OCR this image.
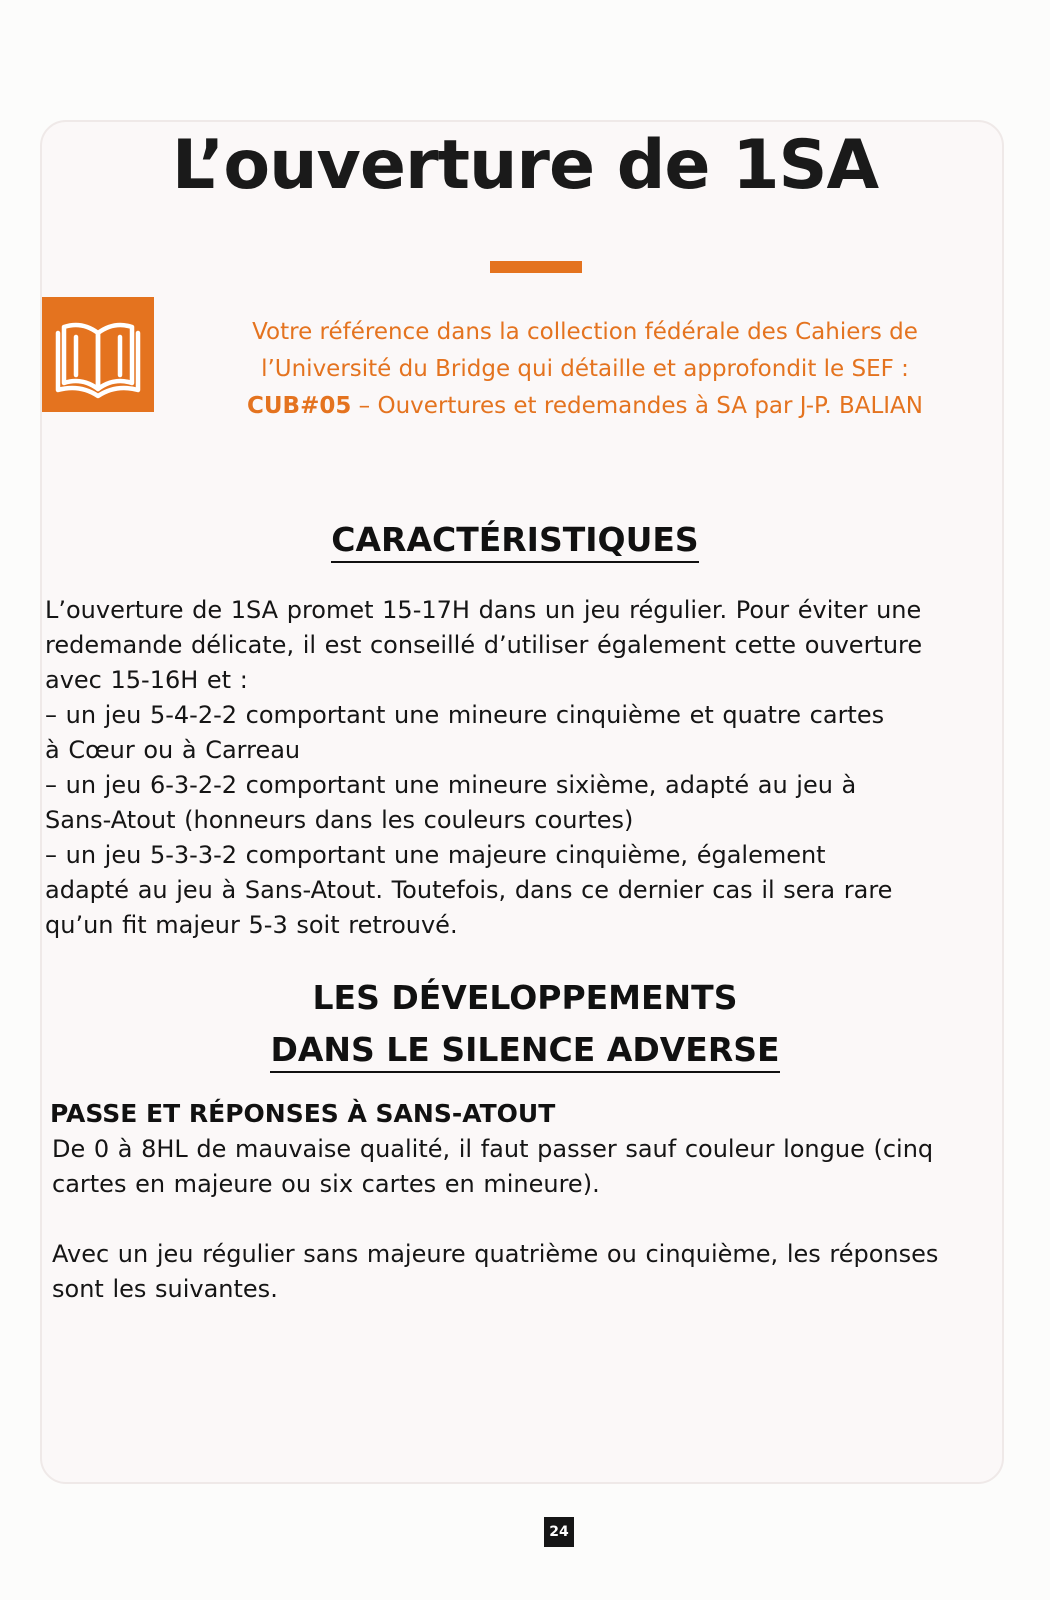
L’ouverture de 1SA
Votre référence dans la collection fédérale des Cahiers de
l’Université du Bridge qui détaille et approfondit le SEF :
CUB#05 – Ouvertures et redemandes à SA par J-P. BALIAN
CARACTÉRISTIQUES
L’ouverture de 1SA promet 15-17H dans un jeu régulier. Pour éviter une
redemande délicate, il est conseillé d’utiliser également cette ouverture
avec 15-16H et :
– un jeu 5-4-2-2 comportant une mineure cinquième et quatre cartes
à Cœur ou à Carreau
– un jeu 6-3-2-2 comportant une mineure sixième, adapté au jeu à
Sans-Atout (honneurs dans les couleurs courtes)
– un jeu 5-3-3-2 comportant une majeure cinquième, également
adapté au jeu à Sans-Atout. Toutefois, dans ce dernier cas il sera rare
qu’un fit majeur 5-3 soit retrouvé.
LES DÉVELOPPEMENTS
DANS LE SILENCE ADVERSE
PASSE ET RÉPONSES À SANS-ATOUT
De 0 à 8HL de mauvaise qualité, il faut passer sauf couleur longue (cinq
cartes en majeure ou six cartes en mineure).
Avec un jeu régulier sans majeure quatrième ou cinquième, les réponses
sont les suivantes.
24
